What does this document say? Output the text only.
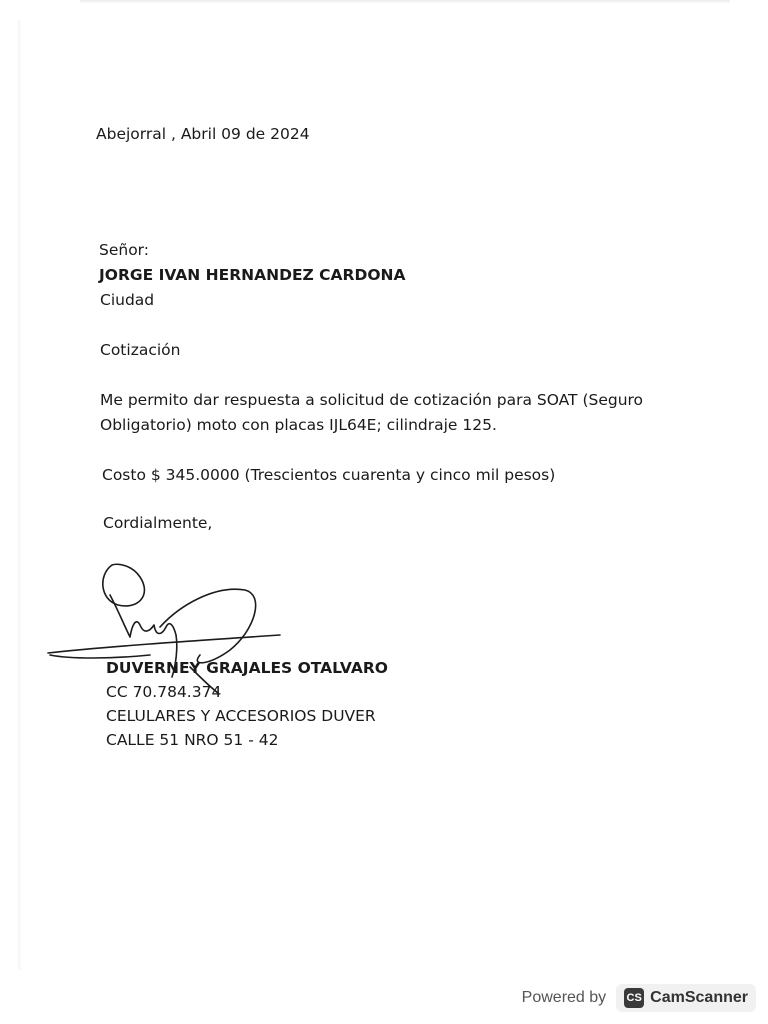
Abejorral , Abril 09 de 2024
Señor:
JORGE IVAN HERNANDEZ CARDONA
Ciudad
Cotización
Me permito dar respuesta a solicitud de cotización para SOAT (Seguro
Obligatorio) moto con placas IJL64E; cilindraje 125.
Costo $ 345.0000 (Trescientos cuarenta y cinco mil pesos)
Cordialmente,
DUVERNEY GRAJALES OTALVARO
CC 70.784.374
CELULARES Y ACCESORIOS DUVER
CALLE 51 NRO 51 - 42
Powered by CS CamScanner
